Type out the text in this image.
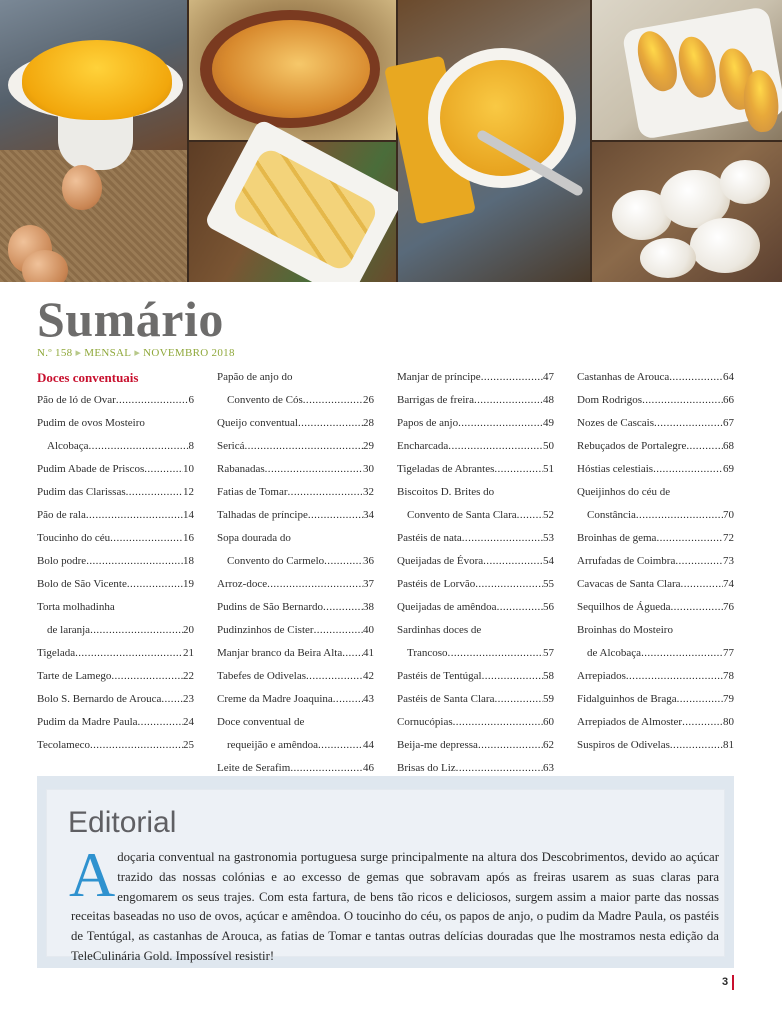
Sumário
N.º 158 ▸ MENSAL ▸ NOVEMBRO 2018
Doces conventuais
Pão de ló de Ovar .....	6
Pudim de ovos Mosteiro
Alcobaça .....	8
Pudim Abade de Priscos .....	10
Pudim das Clarissas .....	12
Pão de rala .....	14
Toucinho do céu .....	16
Bolo podre .....	18
Bolo de São Vicente .....	19
Torta molhadinha
de laranja .....	20
Tigelada .....	21
Tarte de Lamego .....	22
Bolo S. Bernardo de Arouca ..... 23
Pudim da Madre Paula .....	24
Tecolameco .....	25
Papão de anjo do
Convento de Cós .....	26
Queijo conventual .....	28
Sericá .....	29
Rabanadas .....	30
Fatias de Tomar .....	32
Talhadas de príncipe .....	34
Sopa dourada do
Convento do Carmelo .....	36
Arroz-doce .....	37
Pudins de São Bernardo .....	38
Pudinzinhos de Cister .....	40
Manjar branco da Beira Alta ..... 41
Tabefes de Odivelas .....	42
Creme da Madre Joaquina .....	43
Doce conventual de
requeijão e amêndoa .....	44
Leite de Serafim .....	46
Manjar de príncipe .....	47
Barrigas de freira .....	48
Papos de anjo .....	49
Encharcada .....	50
Tigeladas de Abrantes .....	51
Biscoitos D. Brites do
Convento de Santa Clara ..... 52
Pastéis de nata .....	53
Queijadas de Évora .....	54
Pastéis de Lorvão .....	55
Queijadas de amêndoa .....	56
Sardinhas doces de
Trancoso .....	57
Pastéis de Tentúgal .....	58
Pastéis de Santa Clara .....	59
Cornucópias .....	60
Beija-me depressa .....	62
Brisas do Liz .....	63
Castanhas de Arouca .....	64
Dom Rodrigos .....	66
Nozes de Cascais .....	67
Rebuçados de Portalegre .....	68
Hóstias celestiais .....	69
Queijinhos do céu de
Constância .....	70
Broinhas de gema .....	72
Arrufadas de Coimbra .....	73
Cavacas de Santa Clara .....	74
Sequilhos de Águeda .....	76
Broinhas do Mosteiro
de Alcobaça .....	77
Arrepiados .....	78
Fidalguinhos de Braga .....	79
Arrepiados de Almoster .....	80
Suspiros de Odivelas .....	81
Editorial

Adoçaria conventual na gastronomia portuguesa surge principalmente na altura dos Descobrimentos, devido ao açúcar trazido das nossas colónias e ao excesso de gemas que sobravam após as freiras usarem as suas claras para engomarem os seus trajes. Com esta fartura, de bens tão ricos e deliciosos, surgem assim a maior parte das nossas receitas baseadas no uso de ovos, açúcar e amêndoa. O toucinho do céu, os papos de anjo, o pudim da Madre Paula, os pastéis de Tentúgal, as castanhas de Arouca, as fatias de Tomar e tantas outras delícias douradas que lhe mostramos nesta edição da TeleCulinária Gold. Impossível resistir!

3
